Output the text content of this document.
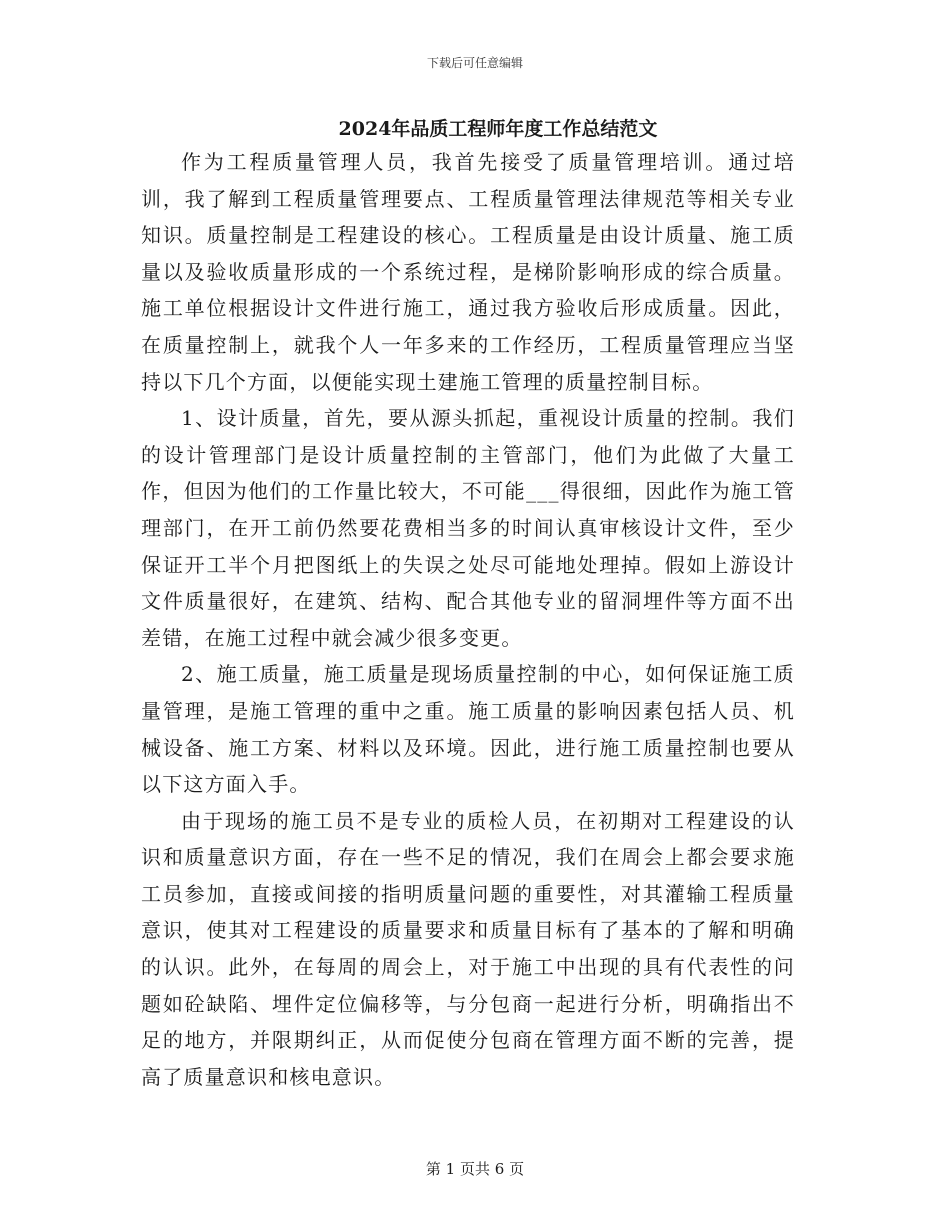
下载后可任意编辑
2024年品质工程师年度工作总结范文

作为工程质量管理人员，我首先接受了质量管理培训。通过培训，我了解到工程质量管理要点、工程质量管理法律规范等相关专业知识。质量控制是工程建设的核心。工程质量是由设计质量、施工质量以及验收质量形成的一个系统过程，是梯阶影响形成的综合质量。施工单位根据设计文件进行施工，通过我方验收后形成质量。因此，在质量控制上，就我个人一年多来的工作经历，工程质量管理应当坚持以下几个方面，以便能实现土建施工管理的质量控制目标。

1、设计质量，首先，要从源头抓起，重视设计质量的控制。我们的设计管理部门是设计质量控制的主管部门，他们为此做了大量工作，但因为他们的工作量比较大，不可能___得很细，因此作为施工管理部门，在开工前仍然要花费相当多的时间认真审核设计文件，至少保证开工半个月把图纸上的失误之处尽可能地处理掉。假如上游设计文件质量很好，在建筑、结构、配合其他专业的留洞埋件等方面不出差错，在施工过程中就会减少很多变更。

2、施工质量，施工质量是现场质量控制的中心，如何保证施工质量管理，是施工管理的重中之重。施工质量的影响因素包括人员、机械设备、施工方案、材料以及环境。因此，进行施工质量控制也要从以下这方面入手。

由于现场的施工员不是专业的质检人员，在初期对工程建设的认识和质量意识方面，存在一些不足的情况，我们在周会上都会要求施工员参加，直接或间接的指明质量问题的重要性，对其灌输工程质量意识，使其对工程建设的质量要求和质量目标有了基本的了解和明确的认识。此外，在每周的周会上，对于施工中出现的具有代表性的问题如砼缺陷、埋件定位偏移等，与分包商一起进行分析，明确指出不足的地方，并限期纠正，从而促使分包商在管理方面不断的完善，提高了质量意识和核电意识。

第 1 页共 6 页
